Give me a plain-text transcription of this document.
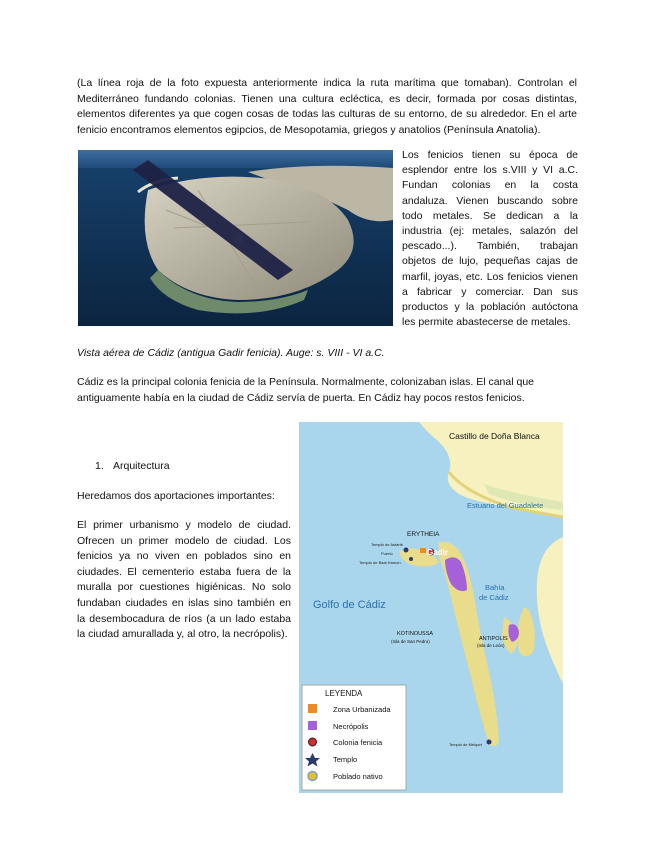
(La línea roja de la foto expuesta anteriormente indica la ruta marítima que tomaban). Controlan el Mediterráneo fundando colonias. Tienen una cultura ecléctica, es decir, formada por cosas distintas, elementos diferentes ya que cogen cosas de todas las culturas de su entorno, de su alrededor. En el arte fenicio encontramos elementos egipcios, de Mesopotamia, griegos y anatolios (Península Anatolia).
Los fenicios tienen su época de esplendor entre los s.VIII y VI a.C. Fundan colonias en la costa andaluza. Vienen buscando sobre todo metales. Se dedican a la industria (ej: metales, salazón del pescado...). También, trabajan objetos de lujo, pequeñas cajas de marfil, joyas, etc. Los fenicios vienen a fabricar y comerciar. Dan sus productos y la población autóctona les permite abastecerse de metales.
Vista aérea de Cádiz (antigua Gadir fenicia). Auge: s. VIII - VI a.C.
Cádiz es la principal colonia fenicia de la Península. Normalmente, colonizaban islas. El canal que antiguamente había en la ciudad de Cádiz servía de puerta. En Cádiz hay pocos restos fenicios.
1. Arquitectura
Heredamos dos aportaciones importantes:
El primer urbanismo y modelo de ciudad. Ofrecen un primer modelo de ciudad. Los fenicios ya no viven en poblados sino en ciudades. El cementerio estaba fuera de la muralla por cuestiones higiénicas. No solo fundaban ciudades en islas sino también en la desembocadura de ríos (a un lado estaba la ciudad amurallada y, al otro, la necrópolis).
Castillo de Doña Blanca
Estuario del Guadalete
ERYTHEIA
Gadir
Templo de Astarté
Puerto
Templo de Baal Hamon
Golfo de Cádiz
Bahía
de Cádiz
KOTINOUSSA
(Isla de San Pedro)	ANTIPOLIS
(Isla de León)
Templo de Melqart
LEYENDA
Zona Urbanizada
Necrópolis
Colonia fenicia
Templo
Poblado nativo
